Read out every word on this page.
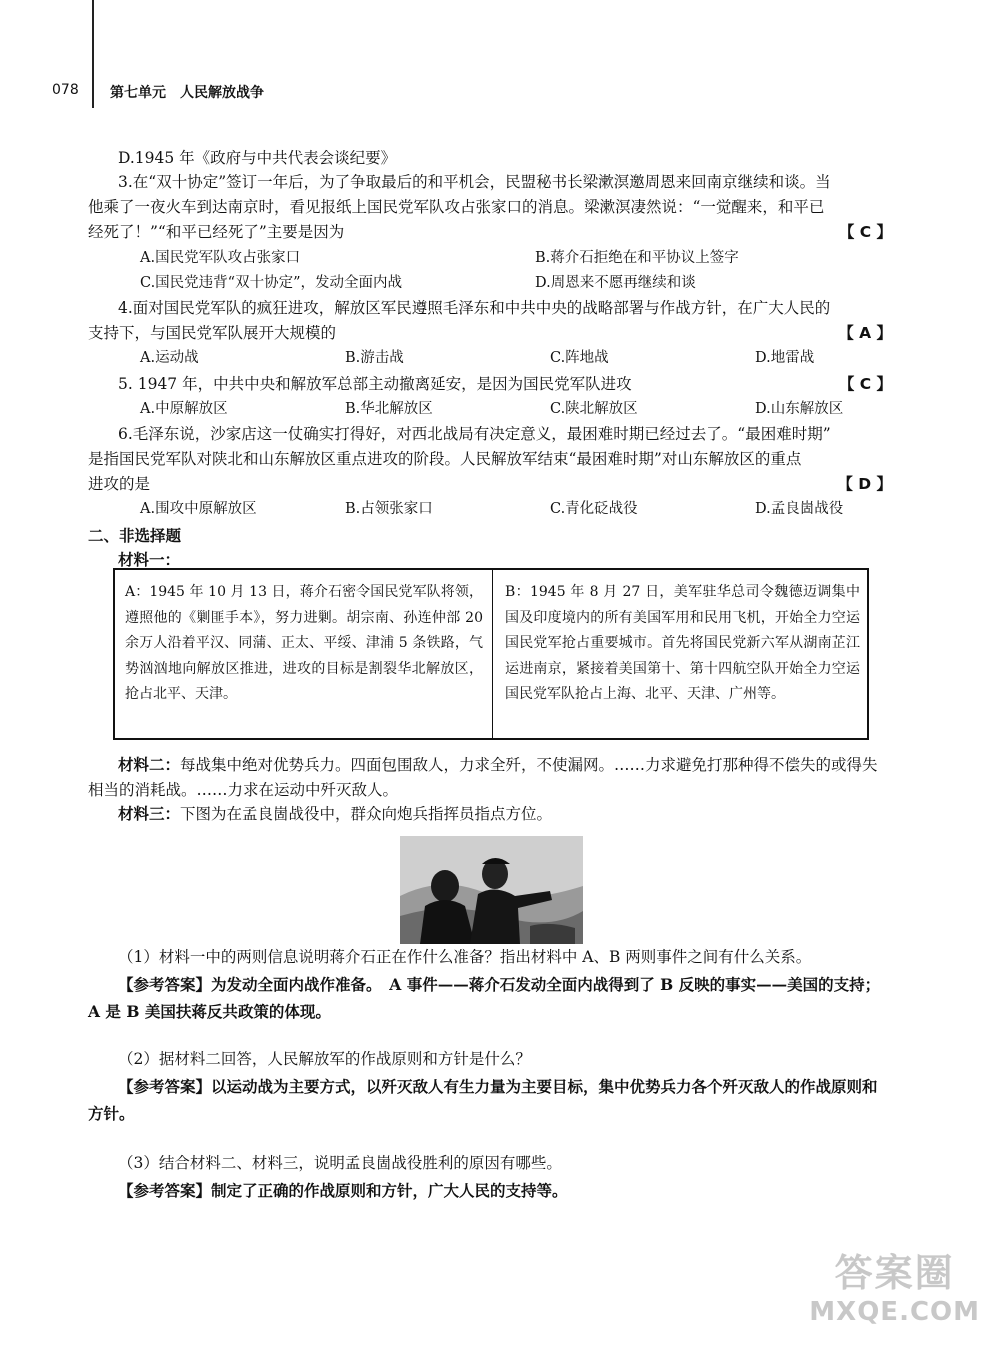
078 第七单元　人民解放战争
D.1945 年《政府与中共代表会谈纪要》
3.在“双十协定”签订一年后，为了争取最后的和平机会，民盟秘书长梁漱溟邀周恩来回南京继续和谈。当
他乘了一夜火车到达南京时，看见报纸上国民党军队攻占张家口的消息。梁漱溟凄然说：“一觉醒来，和平已
经死了！”“和平已经死了”主要是因为	【 C 】
A.国民党军队攻占张家口	B.蒋介石拒绝在和平协议上签字
C.国民党违背“双十协定”，发动全面内战	D.周恩来不愿再继续和谈
4.面对国民党军队的疯狂进攻，解放区军民遵照毛泽东和中共中央的战略部署与作战方针，在广大人民的
支持下，与国民党军队展开大规模的	【 A 】
A.运动战	B.游击战	C.阵地战	D.地雷战
5. 1947 年，中共中央和解放军总部主动撤离延安，是因为国民党军队进攻	【 C 】
A.中原解放区	B.华北解放区	C.陕北解放区	D.山东解放区
6.毛泽东说，沙家店这一仗确实打得好，对西北战局有决定意义，最困难时期已经过去了。“最困难时期”
是指国民党军队对陕北和山东解放区重点进攻的阶段。人民解放军结束“最困难时期”对山东解放区的重点
进攻的是	【 D 】
A.围攻中原解放区	B.占领张家口	C.青化砭战役	D.孟良崮战役
二、非选择题
材料一：
A：1945 年 10 月 13 日，蒋介石密令国民党军队将领，遵照他的《剿匪手本》，努力进剿。胡宗南、孙连仲部 20 余万人沿着平汉、同蒲、正太、平绥、津浦 5 条铁路，气势汹汹地向解放区推进，进攻的目标是割裂华北解放区，抢占北平、天津。
B：1945 年 8 月 27 日，美军驻华总司令魏德迈调集中国及印度境内的所有美国军用和民用飞机，开始全力空运国民党军抢占重要城市。首先将国民党新六军从湖南芷江运进南京，紧接着美国第十、第十四航空队开始全力空运国民党军队抢占上海、北平、天津、广州等。
材料二：每战集中绝对优势兵力。四面包围敌人，力求全歼，不使漏网。……力求避免打那种得不偿失的或得失相当的消耗战。……力求在运动中歼灭敌人。
材料三：下图为在孟良崮战役中，群众向炮兵指挥员指点方位。
（1）材料一中的两则信息说明蒋介石正在作什么准备？指出材料中 A、B 两则事件之间有什么关系。
【参考答案】为发动全面内战作准备。　A 事件——蒋介石发动全面内战得到了 B 反映的事实——美国的支持；A 是 B 美国扶蒋反共政策的体现。
（2）据材料二回答，人民解放军的作战原则和方针是什么？
【参考答案】以运动战为主要方式，以歼灭敌人有生力量为主要目标，集中优势兵力各个歼灭敌人的作战原则和方针。
（3）结合材料二、材料三，说明孟良崮战役胜利的原因有哪些。
【参考答案】制定了正确的作战原则和方针，广大人民的支持等。
答案圈
MXQE.COM
